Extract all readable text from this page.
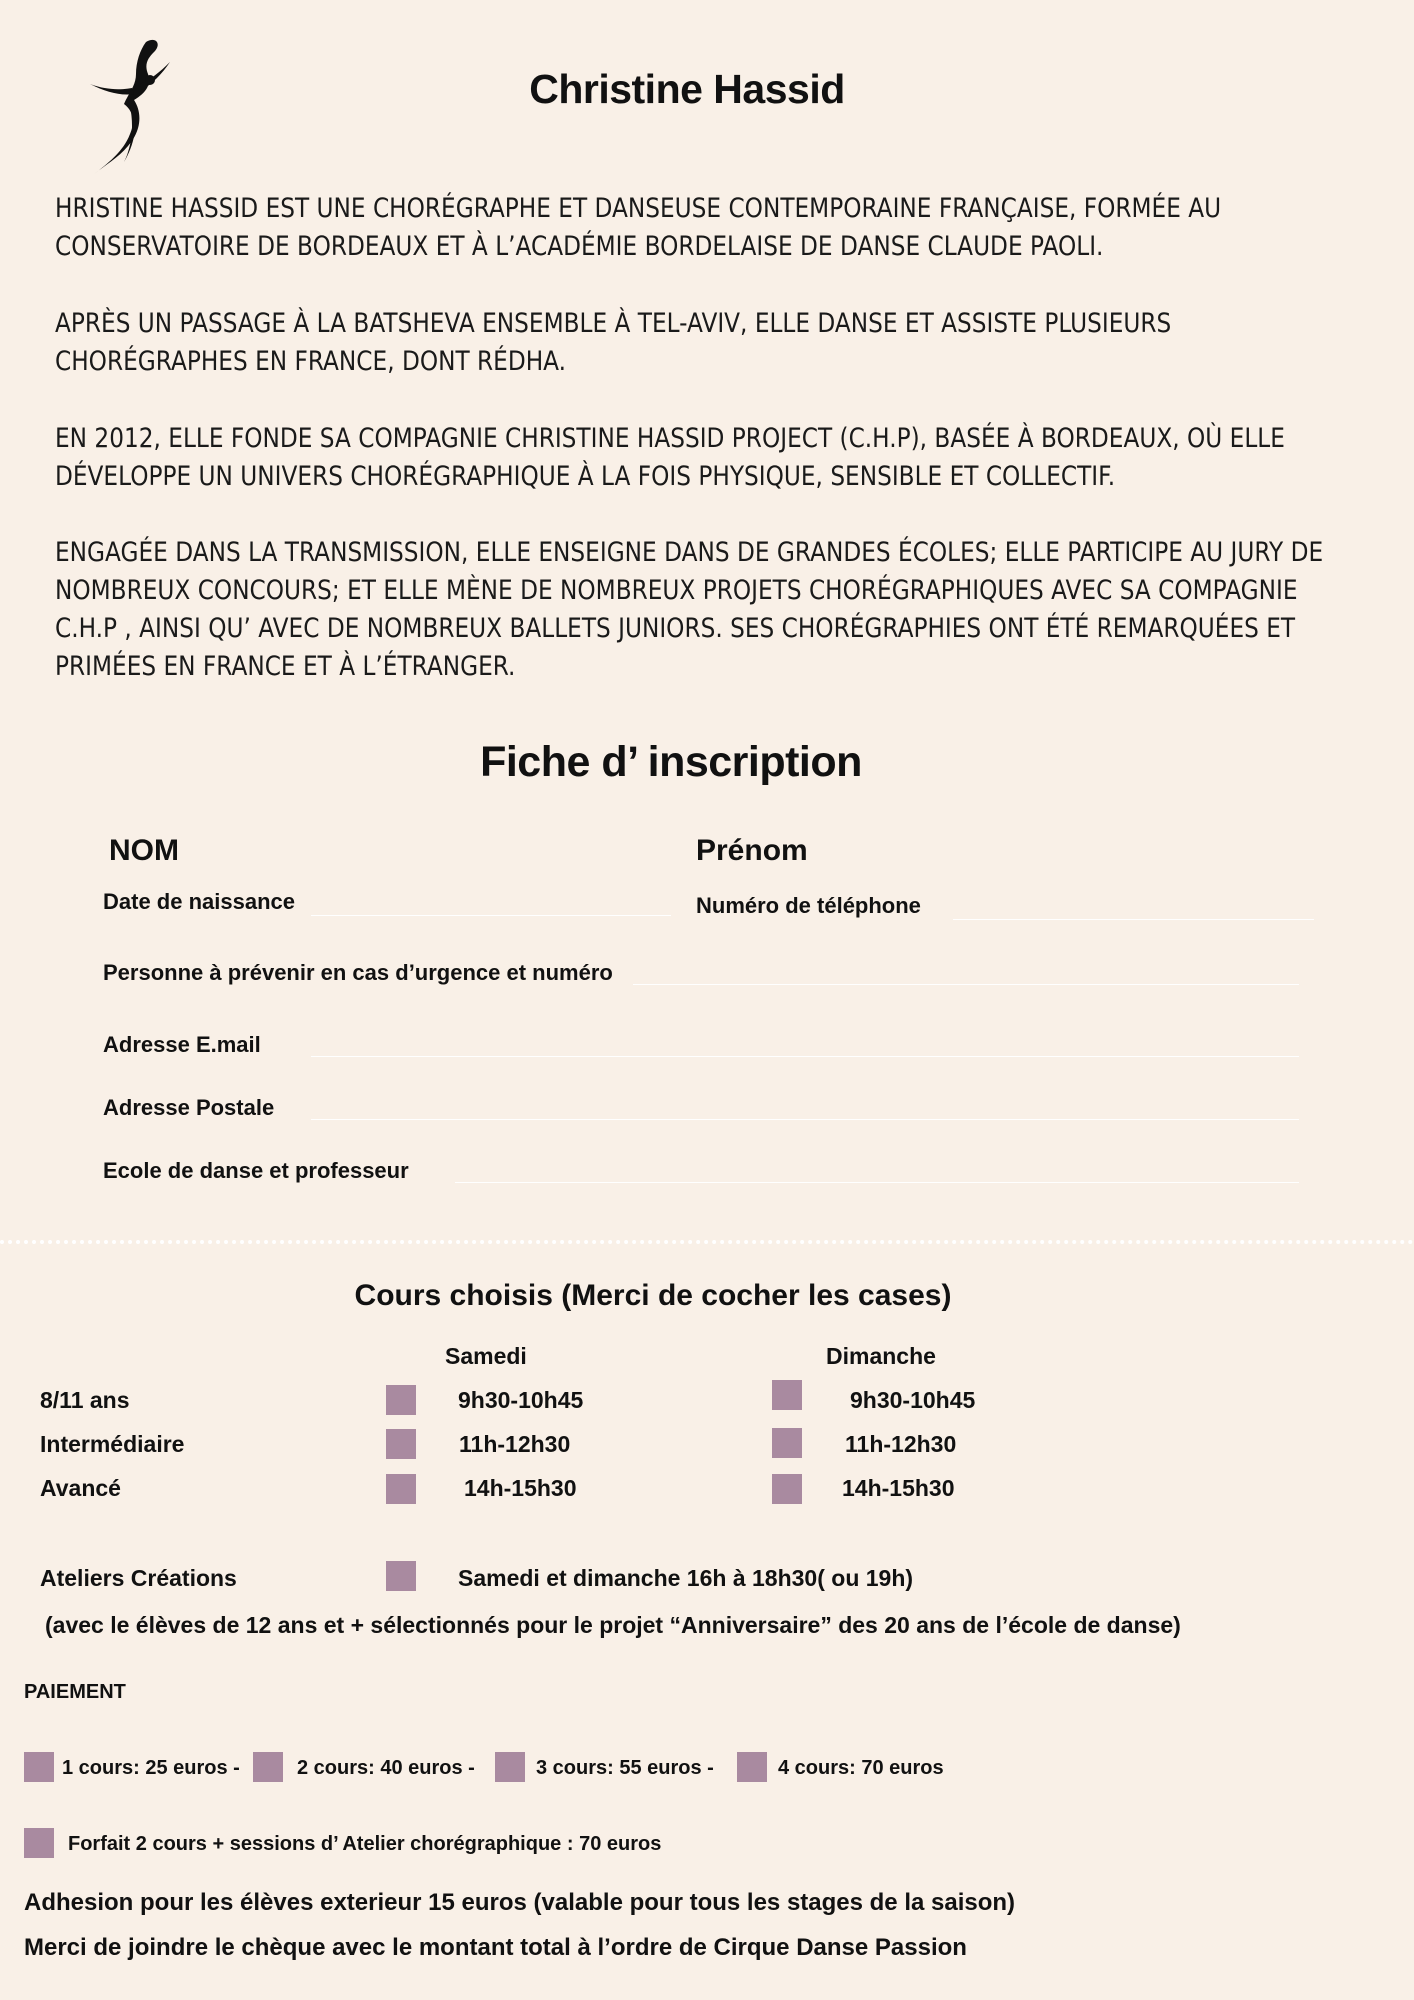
Christine Hassid
HRISTINE HASSID EST UNE CHORÉGRAPHE ET DANSEUSE CONTEMPORAINE FRANÇAISE, FORMÉE AU CONSERVATOIRE DE BORDEAUX ET À L’ACADÉMIE BORDELAISE DE DANSE CLAUDE PAOLI.
APRÈS UN PASSAGE À LA BATSHEVA ENSEMBLE À TEL-AVIV, ELLE DANSE ET ASSISTE PLUSIEURS CHORÉGRAPHES EN FRANCE, DONT RÉDHA.
EN 2012, ELLE FONDE SA COMPAGNIE CHRISTINE HASSID PROJECT (C.H.P), BASÉE À BORDEAUX, OÙ ELLE DÉVELOPPE UN UNIVERS CHORÉGRAPHIQUE À LA FOIS PHYSIQUE, SENSIBLE ET COLLECTIF.
ENGAGÉE DANS LA TRANSMISSION, ELLE ENSEIGNE DANS DE GRANDES ÉCOLES; ELLE PARTICIPE AU JURY DE NOMBREUX CONCOURS; ET ELLE MÈNE DE NOMBREUX PROJETS CHORÉGRAPHIQUES AVEC SA COMPAGNIE C.H.P , AINSI QU’ AVEC DE NOMBREUX BALLETS JUNIORS. SES CHORÉGRAPHIES ONT ÉTÉ REMARQUÉES ET PRIMÉES EN FRANCE ET À L’ÉTRANGER.
Fiche d’ inscription
NOM	Prénom
Date de naissance	Numéro de téléphone
Personne à prévenir en cas d’urgence et numéro
Adresse E.mail
Adresse Postale
Ecole de danse et professeur
Cours choisis (Merci de cocher les cases)
Samedi	Dimanche
8/11 ans	9h30-10h45	9h30-10h45
Intermédiaire	11h-12h30	11h-12h30
Avancé	14h-15h30	14h-15h30
Ateliers Créations	Samedi et dimanche 16h à 18h30( ou 19h)
(avec le élèves de 12 ans et + sélectionnés pour le projet “Anniversaire” des 20 ans de l’école de danse)
PAIEMENT
1 cours: 25 euros -	2 cours: 40 euros -	3 cours: 55 euros -	4 cours: 70 euros
Forfait 2 cours + sessions d’ Atelier chorégraphique : 70 euros
Adhesion pour les élèves exterieur 15 euros (valable pour tous les stages de la saison)
Merci de joindre le chèque avec le montant total à l’ordre de Cirque Danse Passion
